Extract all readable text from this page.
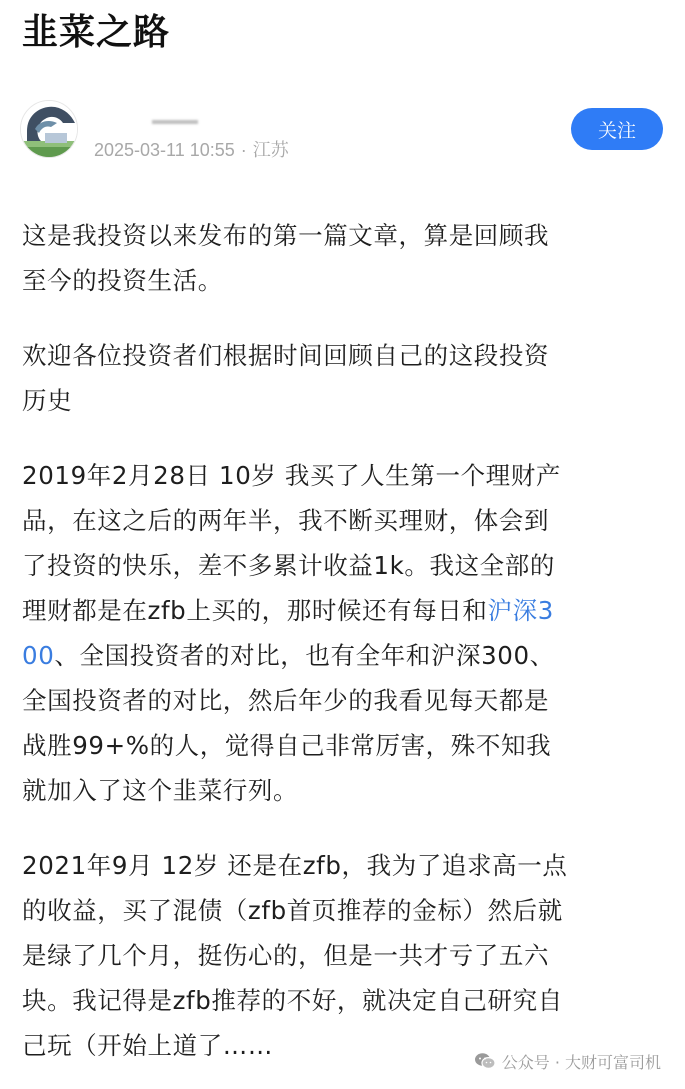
韭菜之路
2025-03-11 10:55 · 江苏
关注
这是我投资以来发布的第一篇文章，算是回顾我
至今的投资生活。
欢迎各位投资者们根据时间回顾自己的这段投资
历史
2019年2月28日 10岁 我买了人生第一个理财产
品，在这之后的两年半，我不断买理财，体会到
了投资的快乐，差不多累计收益1k。我这全部的
理财都是在zfb上买的，那时候还有每日和沪深3
00、全国投资者的对比，也有全年和沪深300、
全国投资者的对比，然后年少的我看见每天都是
战胜99+%的人，觉得自己非常厉害，殊不知我
就加入了这个韭菜行列。
2021年9月 12岁 还是在zfb，我为了追求高一点
的收益，买了混债（zfb首页推荐的金标）然后就
是绿了几个月，挺伤心的，但是一共才亏了五六
块。我记得是zfb推荐的不好，就决定自己研究自
己玩（开始上道了……
公众号 · 大财可富司机
